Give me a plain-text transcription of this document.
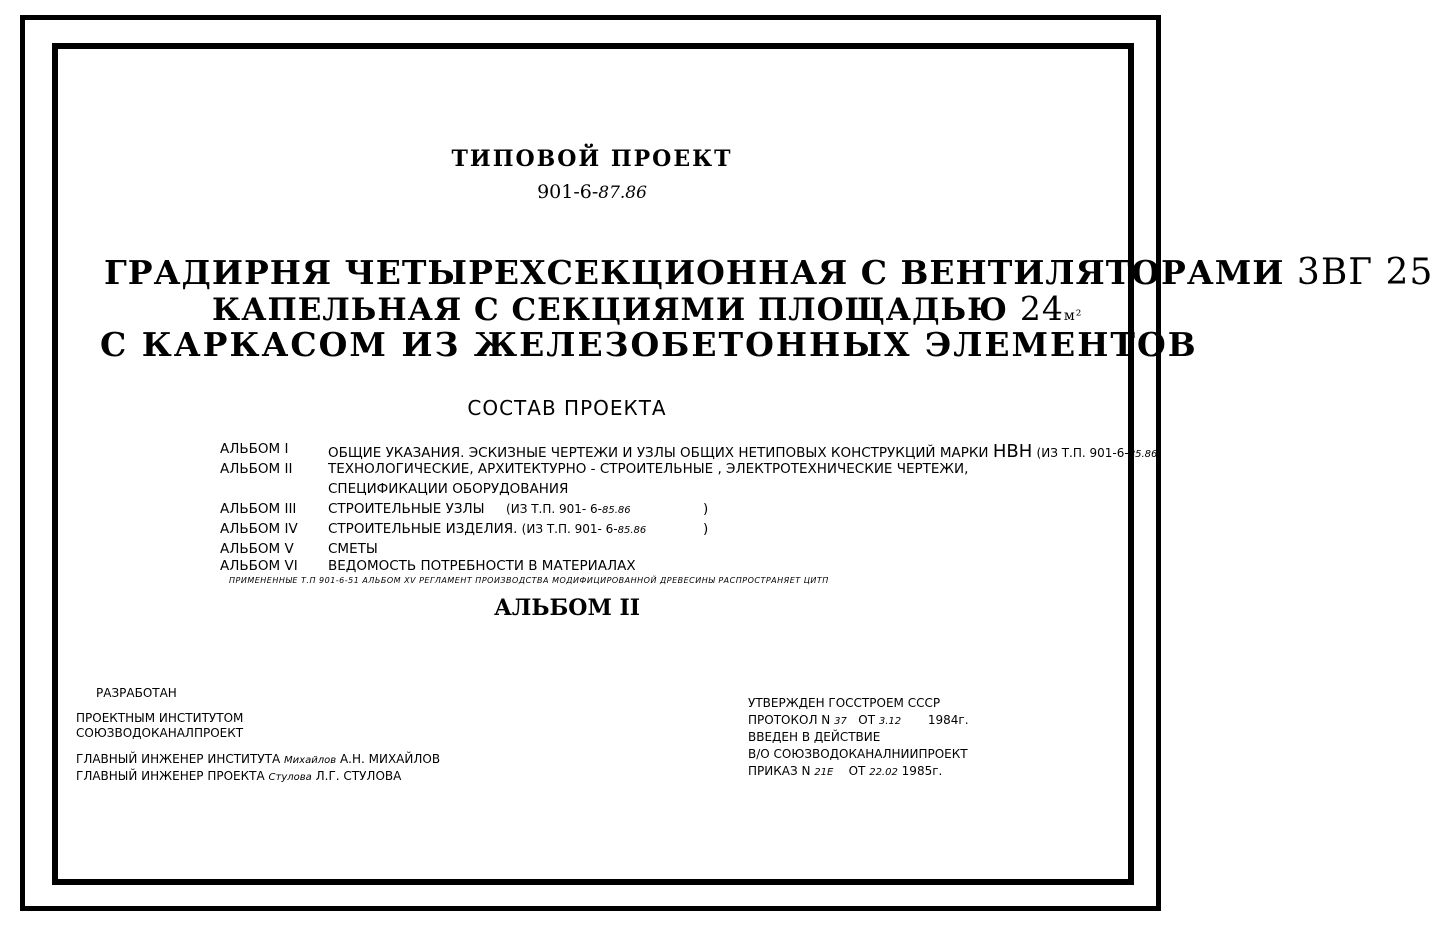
ТИПОВОЙ ПРОЕКТ
901-6-87.86
ГРАДИРНЯ ЧЕТЫРЕХСЕКЦИОННАЯ С ВЕНТИЛЯТОРАМИ 3ВГ 25
КАПЕЛЬНАЯ С СЕКЦИЯМИ ПЛОЩАДЬЮ 24м²
С КАРКАСОМ ИЗ ЖЕЛЕЗОБЕТОННЫХ ЭЛЕМЕНТОВ
СОСТАВ ПРОЕКТА
АЛЬБОМ I	ОБЩИЕ УКАЗАНИЯ. ЭСКИЗНЫЕ ЧЕРТЕЖИ И УЗЛЫ ОБЩИХ НЕТИПОВЫХ КОНСТРУКЦИЙ МАРКИ НВН (ИЗ Т.П. 901-6-85.86
АЛЬБОМ II	ТЕХНОЛОГИЧЕСКИЕ, АРХИТЕКТУРНО - СТРОИТЕЛЬНЫЕ , ЭЛЕКТРОТЕХНИЧЕСКИЕ ЧЕРТЕЖИ,
СПЕЦИФИКАЦИИ ОБОРУДОВАНИЯ
АЛЬБОМ III СТРОИТЕЛЬНЫЕ УЗЛЫ (ИЗ Т.П. 901- 6-85.86	)
АЛЬБОМ IV СТРОИТЕЛЬНЫЕ ИЗДЕЛИЯ. (ИЗ Т.П. 901- 6-85.86	)
АЛЬБОМ V	СМЕТЫ
АЛЬБОМ VI ВЕДОМОСТЬ ПОТРЕБНОСТИ В МАТЕРИАЛАХ
ПРИМЕНЕННЫЕ Т.П 901-6-51 АЛЬБОМ XV РЕГЛАМЕНТ ПРОИЗВОДСТВА МОДИФИЦИРОВАННОЙ ДРЕВЕСИНЫ РАСПРОСТРАНЯЕТ ЦИТП
АЛЬБОМ II
РАЗРАБОТАН
ПРОЕКТНЫМ ИНСТИТУТОМ
СОЮЗВОДОКАНАЛПРОЕКТ
ГЛАВНЫЙ ИНЖЕНЕР ИНСТИТУТА Михайлов А.Н. МИХАЙЛОВ
ГЛАВНЫЙ ИНЖЕНЕР ПРОЕКТА Стулова Л.Г. СТУЛОВА
УТВЕРЖДЕН ГОССТРОЕМ СССР
ПРОТОКОЛ N 37 ОТ 3.12 1984г.
ВВЕДЕН В ДЕЙСТВИЕ
В/О СОЮЗВОДОКАНАЛНИИПРОЕКТ
ПРИКАЗ N 21Е ОТ 22.02 1985г.
